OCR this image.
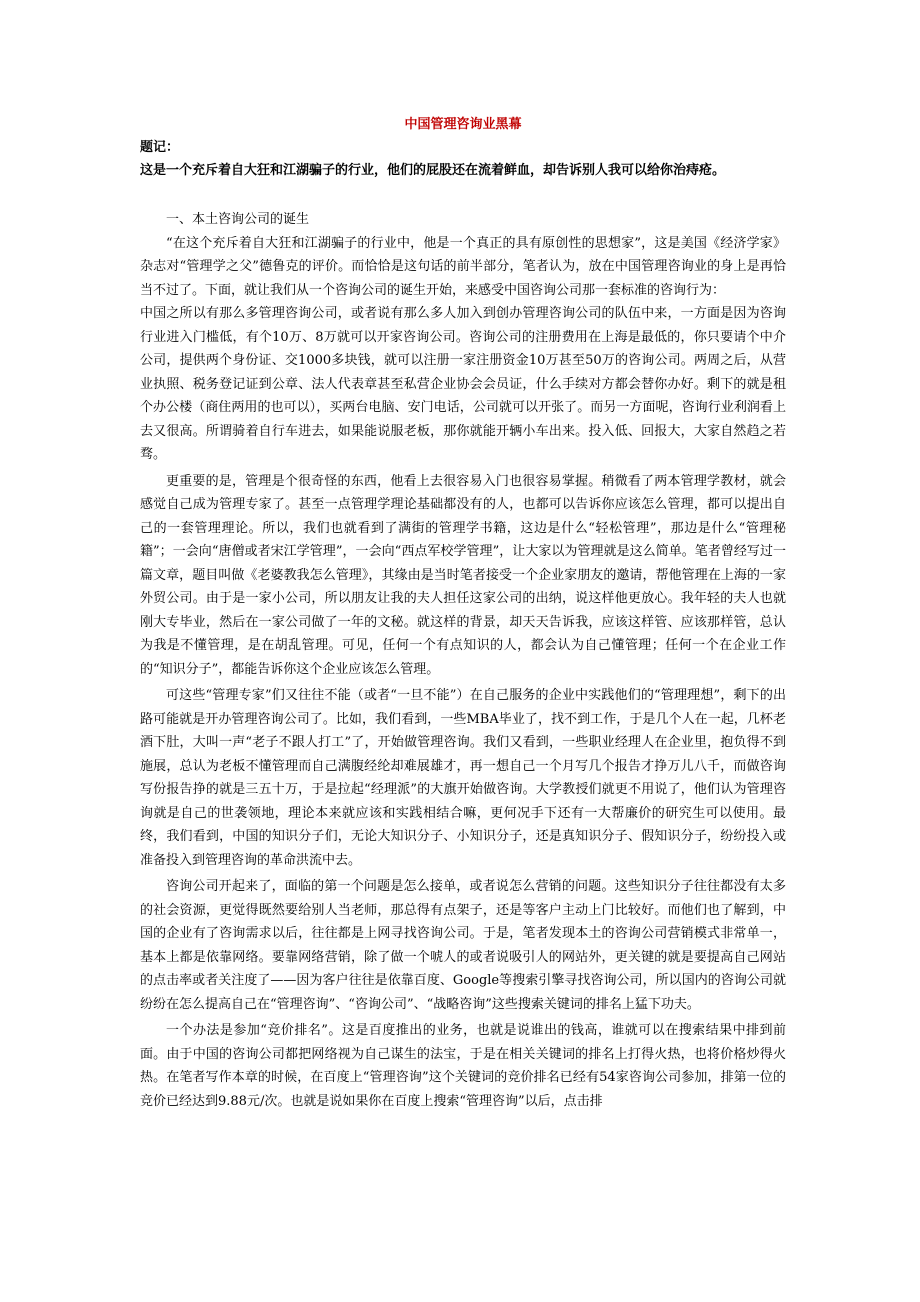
中国管理咨询业黑幕

题记：

这是一个充斥着自大狂和江湖骗子的行业，他们的屁股还在流着鲜血，却告诉别人我可以给你治痔疮。

一、本土咨询公司的诞生

“在这个充斥着自大狂和江湖骗子的行业中，他是一个真正的具有原创性的思想家”，这是美国《经济学家》杂志对“管理学之父”德鲁克的评价。而恰恰是这句话的前半部分，笔者认为，放在中国管理咨询业的身上是再恰当不过了。下面，就让我们从一个咨询公司的诞生开始，来感受中国咨询公司那一套标准的咨询行为：

中国之所以有那么多管理咨询公司，或者说有那么多人加入到创办管理咨询公司的队伍中来，一方面是因为咨询行业进入门槛低，有个10万、8万就可以开家咨询公司。咨询公司的注册费用在上海是最低的，你只要请个中介公司，提供两个身份证、交1000多块钱，就可以注册一家注册资金10万甚至50万的咨询公司。两周之后，从营业执照、税务登记证到公章、法人代表章甚至私营企业协会会员证，什么手续对方都会替你办好。剩下的就是租个办公楼（商住两用的也可以），买两台电脑、安门电话，公司就可以开张了。而另一方面呢，咨询行业利润看上去又很高。所谓骑着自行车进去，如果能说服老板，那你就能开辆小车出来。投入低、回报大，大家自然趋之若骛。

更重要的是，管理是个很奇怪的东西，他看上去很容易入门也很容易掌握。稍微看了两本管理学教材，就会感觉自己成为管理专家了。甚至一点管理学理论基础都没有的人，也都可以告诉你应该怎么管理，都可以提出自己的一套管理理论。所以，我们也就看到了满街的管理学书籍，这边是什么“轻松管理”，那边是什么“管理秘籍”；一会向“唐僧或者宋江学管理”，一会向“西点军校学管理”，让大家以为管理就是这么简单。笔者曾经写过一篇文章，题目叫做《老婆教我怎么管理》，其缘由是当时笔者接受一个企业家朋友的邀请，帮他管理在上海的一家外贸公司。由于是一家小公司，所以朋友让我的夫人担任这家公司的出纳，说这样他更放心。我年轻的夫人也就刚大专毕业，然后在一家公司做了一年的文秘。就这样的背景，却天天告诉我，应该这样管、应该那样管，总认为我是不懂管理，是在胡乱管理。可见，任何一个有点知识的人，都会认为自己懂管理；任何一个在企业工作的“知识分子”，都能告诉你这个企业应该怎么管理。

可这些“管理专家”们又往往不能（或者“一旦不能”）在自己服务的企业中实践他们的“管理理想”，剩下的出路可能就是开办管理咨询公司了。比如，我们看到，一些MBA毕业了，找不到工作，于是几个人在一起，几杯老酒下肚，大叫一声“老子不跟人打工”了，开始做管理咨询。我们又看到，一些职业经理人在企业里，抱负得不到施展，总认为老板不懂管理而自己满腹经纶却难展雄才，再一想自己一个月写几个报告才挣万儿八千，而做咨询写份报告挣的就是三五十万，于是拉起“经理派”的大旗开始做咨询。大学教授们就更不用说了，他们认为管理咨询就是自己的世袭领地，理论本来就应该和实践相结合嘛，更何况手下还有一大帮廉价的研究生可以使用。最终，我们看到，中国的知识分子们，无论大知识分子、小知识分子，还是真知识分子、假知识分子，纷纷投入或准备投入到管理咨询的革命洪流中去。

咨询公司开起来了，面临的第一个问题是怎么接单，或者说怎么营销的问题。这些知识分子往往都没有太多的社会资源，更觉得既然要给别人当老师，那总得有点架子，还是等客户主动上门比较好。而他们也了解到，中国的企业有了咨询需求以后，往往都是上网寻找咨询公司。于是，笔者发现本土的咨询公司营销模式非常单一，基本上都是依靠网络。要靠网络营销，除了做一个唬人的或者说吸引人的网站外，更关键的就是要提高自己网站的点击率或者关注度了——因为客户往往是依靠百度、Google等搜索引擎寻找咨询公司，所以国内的咨询公司就纷纷在怎么提高自己在“管理咨询”、“咨询公司”、“战略咨询”这些搜索关键词的排名上猛下功夫。

一个办法是参加“竞价排名”。这是百度推出的业务，也就是说谁出的钱高，谁就可以在搜索结果中排到前面。由于中国的咨询公司都把网络视为自己谋生的法宝，于是在相关关键词的排名上打得火热，也将价格炒得火热。在笔者写作本章的时候，在百度上“管理咨询”这个关键词的竞价排名已经有54家咨询公司参加，排第一位的竞价已经达到9.88元/次。也就是说如果你在百度上搜索“管理咨询”以后，点击排
